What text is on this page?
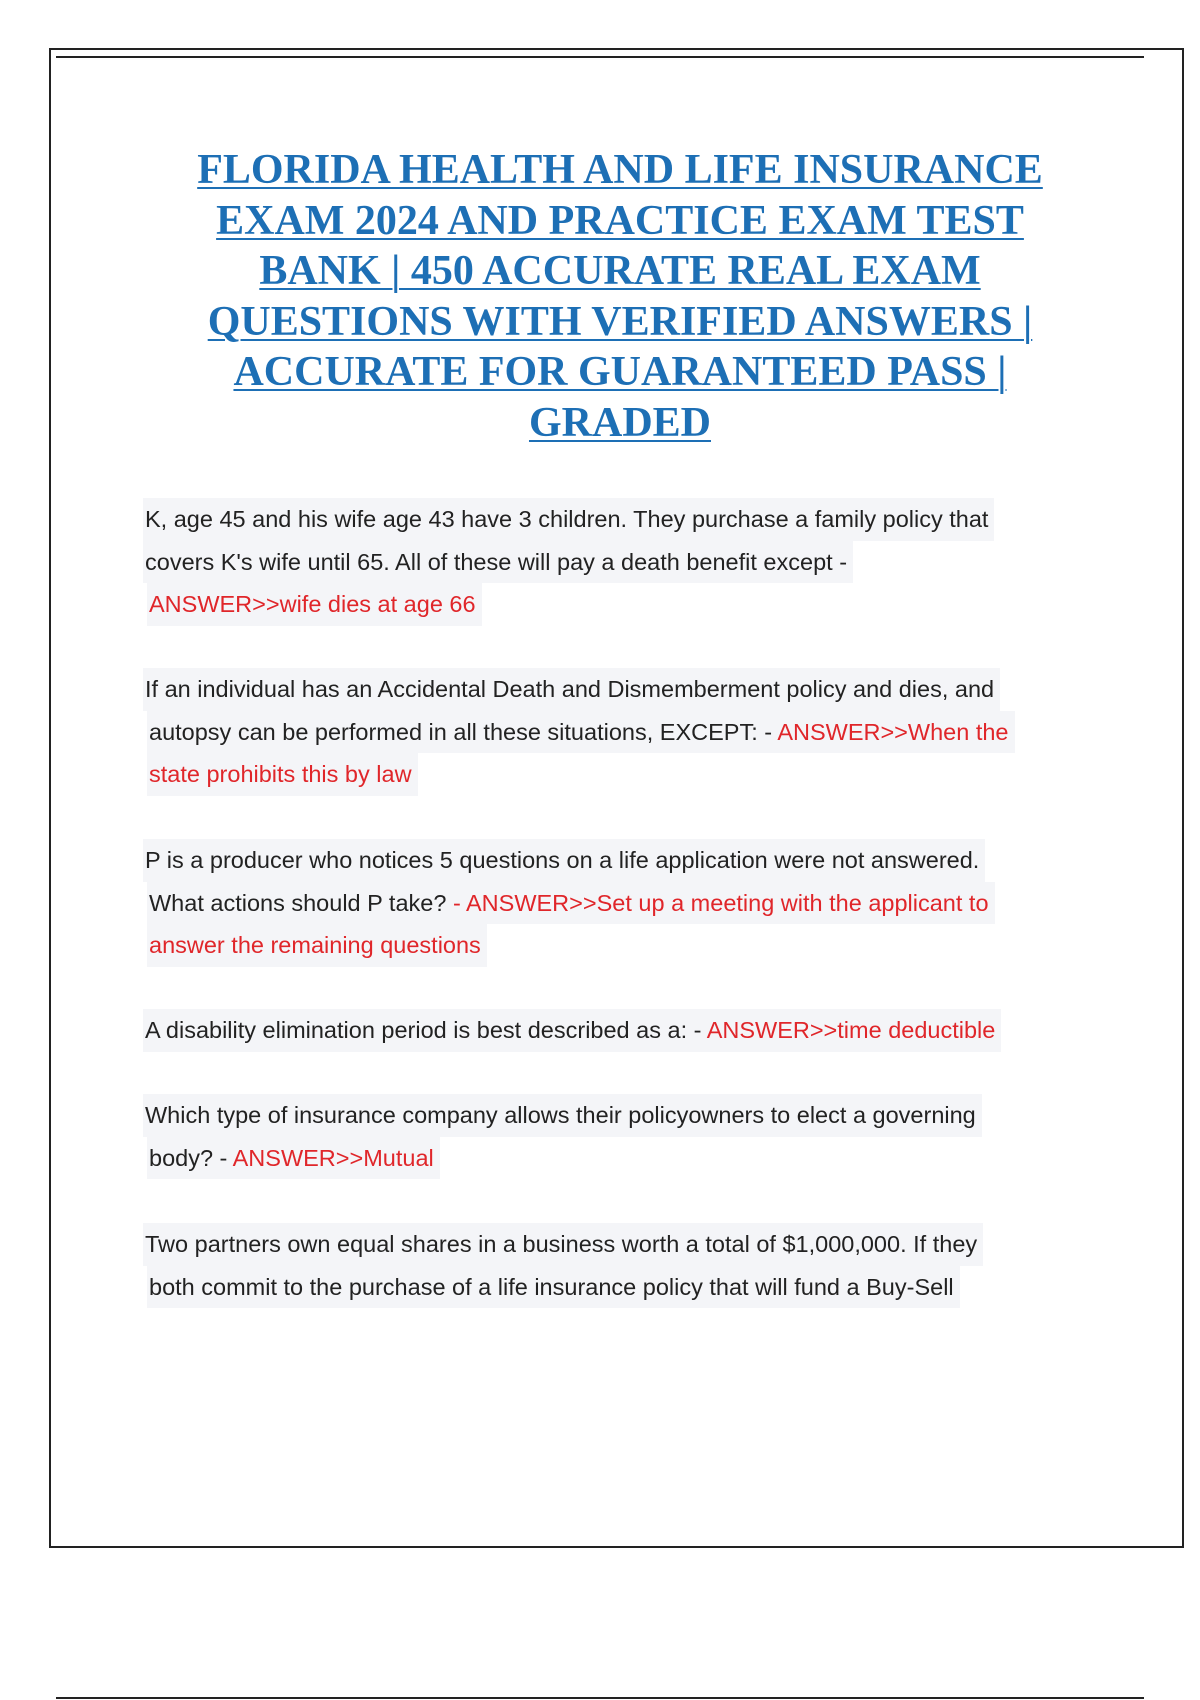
FLORIDA HEALTH AND LIFE INSURANCE
EXAM 2024 AND PRACTICE EXAM TEST
BANK | 450 ACCURATE REAL EXAM
QUESTIONS WITH VERIFIED ANSWERS |
ACCURATE FOR GUARANTEED PASS |
GRADED
K, age 45 and his wife age 43 have 3 children. They purchase a family policy that
covers K's wife until 65. All of these will pay a death benefit except -
ANSWER>>wife dies at age 66
If an individual has an Accidental Death and Dismemberment policy and dies, and
autopsy can be performed in all these situations, EXCEPT: - ANSWER>>When the
state prohibits this by law
P is a producer who notices 5 questions on a life application were not answered.
What actions should P take? - ANSWER>>Set up a meeting with the applicant to
answer the remaining questions
A disability elimination period is best described as a: - ANSWER>>time deductible
Which type of insurance company allows their policyowners to elect a governing
body? - ANSWER>>Mutual
Two partners own equal shares in a business worth a total of $1,000,000. If they
both commit to the purchase of a life insurance policy that will fund a Buy-Sell
